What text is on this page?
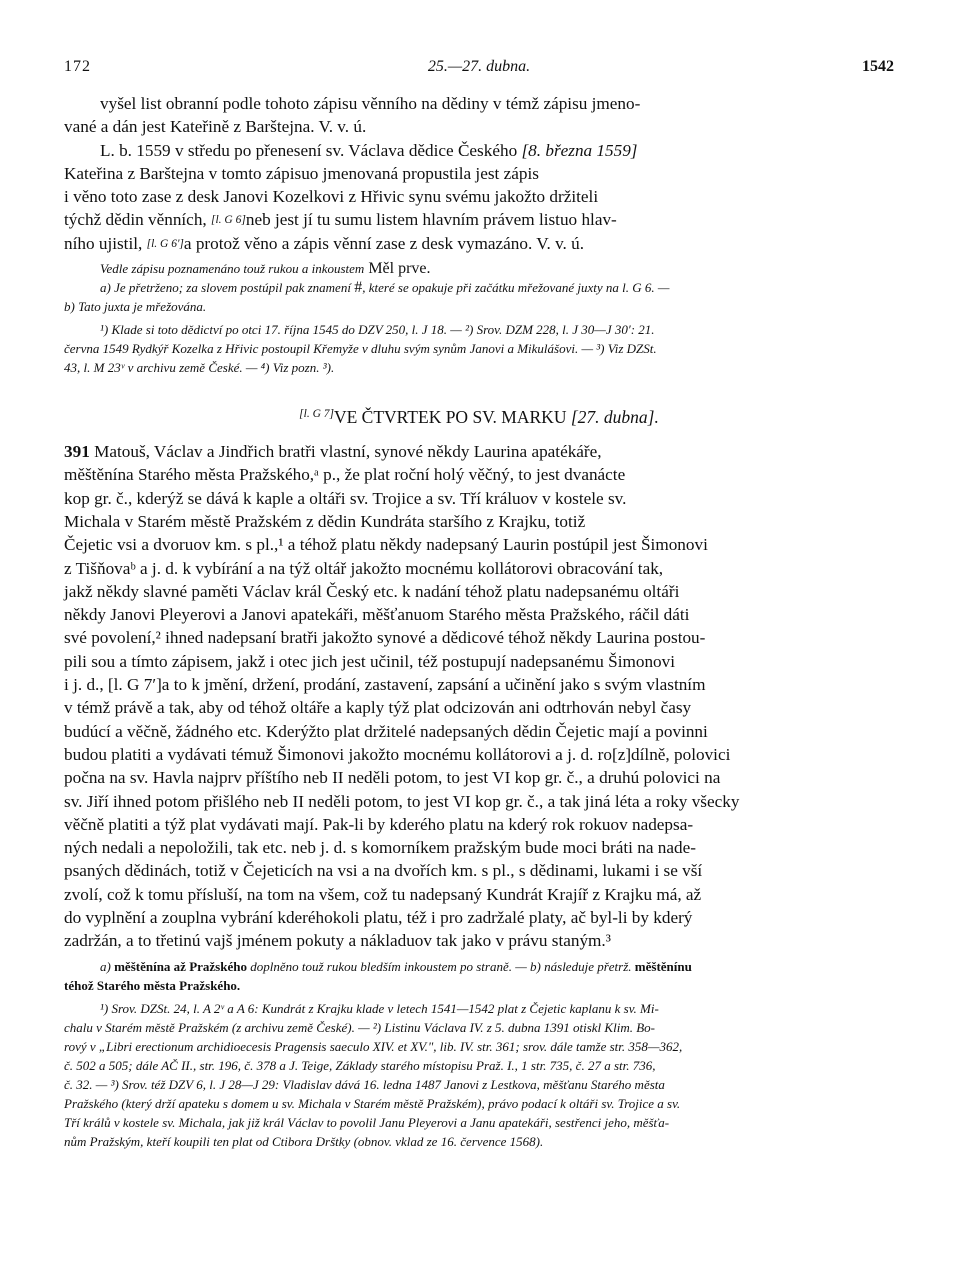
172	25.—27. dubna.	1542
vyšel list obranní podle tohoto zápisu věnního na dědiny v témž zápisu jmeno-
vané a dán jest Kateřině z Barštejna. V. v. ú.
L. b. 1559 v středu po přenesení sv. Václava dědice Českého [8. března 1559]
Kateřina z Barštejna v tomto zápisuo jmenovaná propustila jest zápis
i věno toto zase z desk Janovi Kozelkovi z Hřivic synu svému jakožto držiteli
týchž dědin věnních, [l. G 6]neb jest jí tu sumu listem hlavním právem listuo hlav-
ního ujistil, [l. G 6']a protož věno a zápis věnní zase z desk vymazáno. V. v. ú.

Vedle zápisu poznamenáno touž rukou a inkoustem Měl prve.

a) Je přetrženo; za slovem postúpil pak znamení #, které se opakuje při začátku mřežované juxty na l. G 6. —

b) Tato juxta je mřežována.

¹) Klade si toto dědictví po otci 17. října 1545 do DZV 250, l. J 18. — ²) Srov. DZM 228, l. J 30—J 30′: 21.

června 1549 Rydkýř Kozelka z Hřivic postoupil Křemyže v dluhu svým synům Janovi a Mikulášovi. — ³) Viz DZSt.

43, l. M 23ᵛ v archivu země České. — ⁴) Viz pozn. ³).

[l. G 7]VE ČTVRTEK PO SV. MARKU [27. dubna].
391 Matouš, Václav a Jindřich bratři vlastní, synové někdy Laurina apatékáře,
měštěnína Starého města Pražského,ᵃ p., že plat roční holý věčný, to jest dvanácte
kop gr. č., kderýž se dává k kaple a oltáři sv. Trojice a sv. Tří králuov v kostele sv.
Michala v Starém městě Pražském z dědin Kundráta staršího z Krajku, totiž
Čejetic vsi a dvoruov km. s pl.,¹ a téhož platu někdy nadepsaný Laurin postúpil jest Šimonovi
z Tišňovaᵇ a j. d. k vybírání a na týž oltář jakožto mocnému kollátorovi obracování tak,
jakž někdy slavné paměti Václav král Český etc. k nadání téhož platu nadepsanému oltáři
někdy Janovi Pleyerovi a Janovi apatekáři, měšťanuom Starého města Pražského, ráčil dáti
své povolení,² ihned nadepsaní bratři jakožto synové a dědicové téhož někdy Laurina postou-
pili sou a tímto zápisem, jakž i otec jich jest učinil, též postupují nadepsanému Šimonovi
i j. d., [l. G 7′]a to k jmění, držení, prodání, zastavení, zapsání a učinění jako s svým vlastním
v témž právě a tak, aby od téhož oltáře a kaply týž plat odcizován ani odtrhován nebyl časy
budúcí a věčně, žádného etc. Kderýžto plat držitelé nadepsaných dědin Čejetic mají a povinni
budou platiti a vydávati témuž Šimonovi jakožto mocnému kollátorovi a j. d. ro[z]dílně, polovici
počna na sv. Havla najprv příštího neb II neděli potom, to jest VI kop gr. č., a druhú polovici na
sv. Jiří ihned potom přišlého neb II neděli potom, to jest VI kop gr. č., a tak jiná léta a roky všecky
věčně platiti a týž plat vydávati mají. Pak-li by kderého platu na kderý rok rokuov nadepsa-
ných nedali a nepoložili, tak etc. neb j. d. s komorníkem pražským bude moci bráti na nade-
psaných dědinách, totiž v Čejeticích na vsi a na dvořích km. s pl., s dědinami, lukami i se vší
zvolí, což k tomu přísluší, na tom na všem, což tu nadepsaný Kundrát Krajíř z Krajku má, až
do vyplnění a zouplna vybrání kderéhokoli platu, též i pro zadržalé platy, ač byl-li by kderý
zadržán, a to třetinú vajš jménem pokuty a nákladuov tak jako v právu staným.³

a) měštěnína až Pražského doplněno touž rukou bledším inkoustem po straně. — b) následuje přetrž. měštěnínu

téhož Starého města Pražského.

¹) Srov. DZSt. 24, l. A 2ᵛ a A 6: Kundrát z Krajku klade v letech 1541—1542 plat z Čejetic kaplanu k sv. Mi-

chalu v Starém městě Pražském (z archivu země České). — ²) Listinu Václava IV. z 5. dubna 1391 otiskl Klim. Bo-

rový v „Libri erectionum archidioecesis Pragensis saeculo XIV. et XV.", lib. IV. str. 361; srov. dále tamže str. 358—362,

č. 502 a 505; dále AČ II., str. 196, č. 378 a J. Teige, Základy starého místopisu Praž. I., 1 str. 735, č. 27 a str. 736,

č. 32. — ³) Srov. též DZV 6, l. J 28—J 29: Vladislav dává 16. ledna 1487 Janovi z Lestkova, měšťanu Starého města

Pražského (který drží apateku s domem u sv. Michala v Starém městě Pražském), právo podací k oltáři sv. Trojice a sv.

Tří králů v kostele sv. Michala, jak již král Václav to povolil Janu Pleyerovi a Janu apatekáři, sestřenci jeho, měšťa-

nům Pražským, kteří koupili ten plat od Ctibora Drštky (obnov. vklad ze 16. července 1568).
